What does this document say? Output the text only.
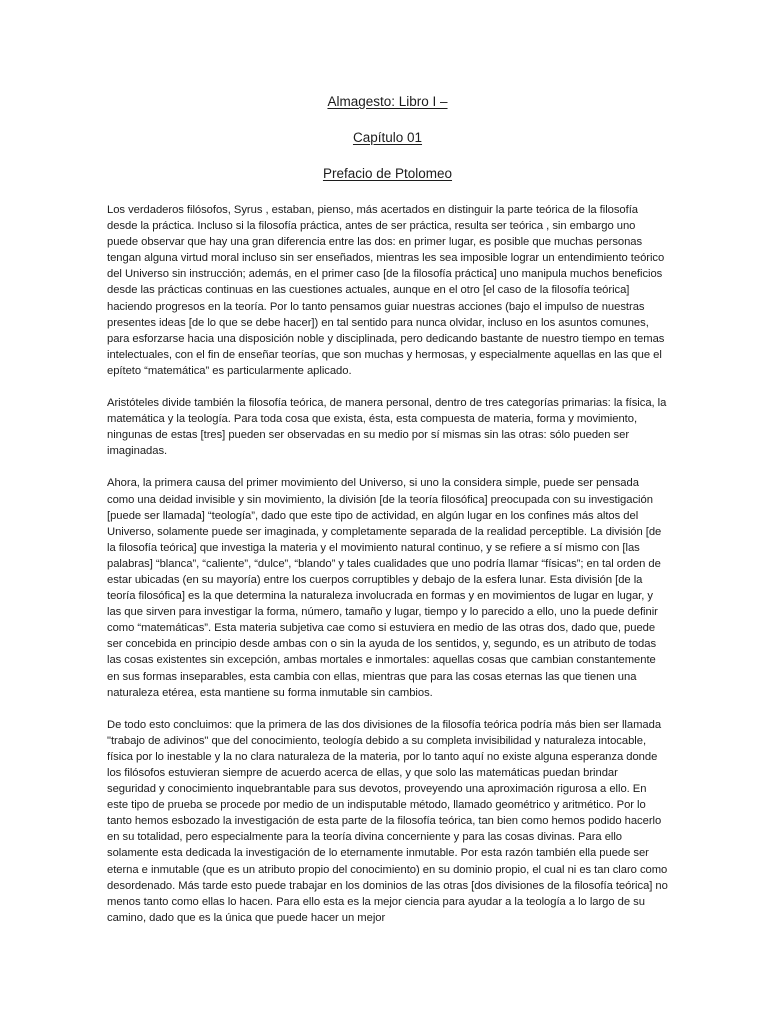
Almagesto: Libro I –

Capítulo 01

Prefacio de Ptolomeo

Los verdaderos filósofos, Syrus , estaban, pienso, más acertados en distinguir la parte teórica de la filosofía desde la práctica. Incluso si la filosofía práctica, antes de ser práctica, resulta ser teórica , sin embargo uno puede observar que hay una gran diferencia entre las dos: en primer lugar, es posible que muchas personas tengan alguna virtud moral incluso sin ser enseñados, mientras les sea imposible lograr un entendimiento teórico del Universo sin instrucción; además, en el primer caso [de la filosofía práctica] uno manipula muchos beneficios desde las prácticas continuas en las cuestiones actuales, aunque en el otro [el caso de la filosofía teórica] haciendo progresos en la teoría. Por lo tanto pensamos guiar nuestras acciones (bajo el impulso de nuestras presentes ideas [de lo que se debe hacer]) en tal sentido para nunca olvidar, incluso en los asuntos comunes, para esforzarse hacia una disposición noble y disciplinada, pero dedicando bastante de nuestro tiempo en temas intelectuales, con el fin de enseñar teorías, que son muchas y hermosas, y especialmente aquellas en las que el epíteto “matemática” es particularmente aplicado.

Aristóteles divide también la filosofía teórica, de manera personal, dentro de tres categorías primarias: la física, la matemática y la teología. Para toda cosa que exista, ésta, esta compuesta de materia, forma y movimiento, ningunas de estas [tres] pueden ser observadas en su medio por sí mismas sin las otras: sólo pueden ser imaginadas.

Ahora, la primera causa del primer movimiento del Universo, si uno la considera simple, puede ser pensada como una deidad invisible y sin movimiento, la división [de la teoría filosófica] preocupada con su investigación [puede ser llamada] “teología”, dado que este tipo de actividad, en algún lugar en los confines más altos del Universo, solamente puede ser imaginada, y completamente separada de la realidad perceptible. La división [de la filosofía teórica] que investiga la materia y el movimiento natural continuo, y se refiere a sí mismo con [las palabras] “blanca”, “caliente”, “dulce”, “blando” y tales cualidades que uno podría llamar “físicas”; en tal orden de estar ubicadas (en su mayoría) entre los cuerpos corruptibles y debajo de la esfera lunar. Esta división [de la teoría filosófica] es la que determina la naturaleza involucrada en formas y en movimientos de lugar en lugar, y las que sirven para investigar la forma, número, tamaño y lugar, tiempo y lo parecido a ello, uno la puede definir como “matemáticas”. Esta materia subjetiva cae como si estuviera en medio de las otras dos, dado que, puede ser concebida en principio desde ambas con o sin la ayuda de los sentidos, y, segundo, es un atributo de todas las cosas existentes sin excepción, ambas mortales e inmortales: aquellas cosas que cambian constantemente en sus formas inseparables, esta cambia con ellas, mientras que para las cosas eternas las que tienen una naturaleza etérea, esta mantiene su forma inmutable sin cambios.

De todo esto concluimos: que la primera de las dos divisiones de la filosofía teórica podría más bien ser llamada "trabajo de adivinos" que del conocimiento, teología debido a su completa invisibilidad y naturaleza intocable, física por lo inestable y la no clara naturaleza de la materia, por lo tanto aquí no existe alguna esperanza donde los filósofos estuvieran siempre de acuerdo acerca de ellas, y que solo las matemáticas puedan brindar seguridad y conocimiento inquebrantable para sus devotos, proveyendo una aproximación rigurosa a ello. En este tipo de prueba se procede por medio de un indisputable método, llamado geométrico y aritmético. Por lo tanto hemos esbozado la investigación de esta parte de la filosofía teórica, tan bien como hemos podido hacerlo en su totalidad, pero especialmente para la teoría divina concerniente y para las cosas divinas. Para ello solamente esta dedicada la investigación de lo eternamente inmutable. Por esta razón también ella puede ser eterna e inmutable (que es un atributo propio del conocimiento) en su dominio propio, el cual ni es tan claro como desordenado. Más tarde esto puede trabajar en los dominios de las otras [dos divisiones de la filosofía teórica] no menos tanto como ellas lo hacen. Para ello esta es la mejor ciencia para ayudar a la teología a lo largo de su camino, dado que es la única que puede hacer un mejor
